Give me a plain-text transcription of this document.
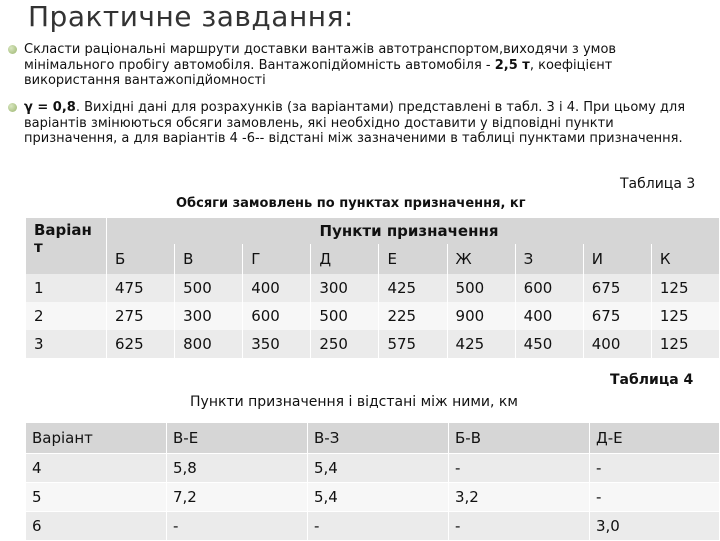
Практичне завдання:
Скласти раціональні маршрути доставки вантажів автотранспортом,виходячи з умов мінімального пробігу автомобіля. Вантажопідйомність автомобіля - 2,5 т, коефіцієнт використання вантажопідйомності
γ = 0,8. Вихідні дані для розрахунків (за варіантами) представлені в табл. 3 і 4. При цьому для варіантів змінюються обсяги замовлень, які необхідно доставити у відповідні пункти призначення, а для варіантів 4 -6-- відстані між зазначеними в таблиці пунктами призначення.
Таблица 3
Обсяги замовлень по пунктах призначення, кг
Варіан т	Пункти призначення								
	Б	В	Г	Д	Е	Ж	З	И	К
1	475	500	400	300	425	500	600	675	125
2	275	300	600	500	225	900	400	675	125
3	625	800	350	250	575	425	450	400	125
Таблица 4
Пункти призначення і відстані між ними, км
Варіант	В-Е	В-З	Б-В	Д-Е
4	5,8	5,4	-	-
5	7,2	5,4	3,2	-
6	-	-	-	3,0
